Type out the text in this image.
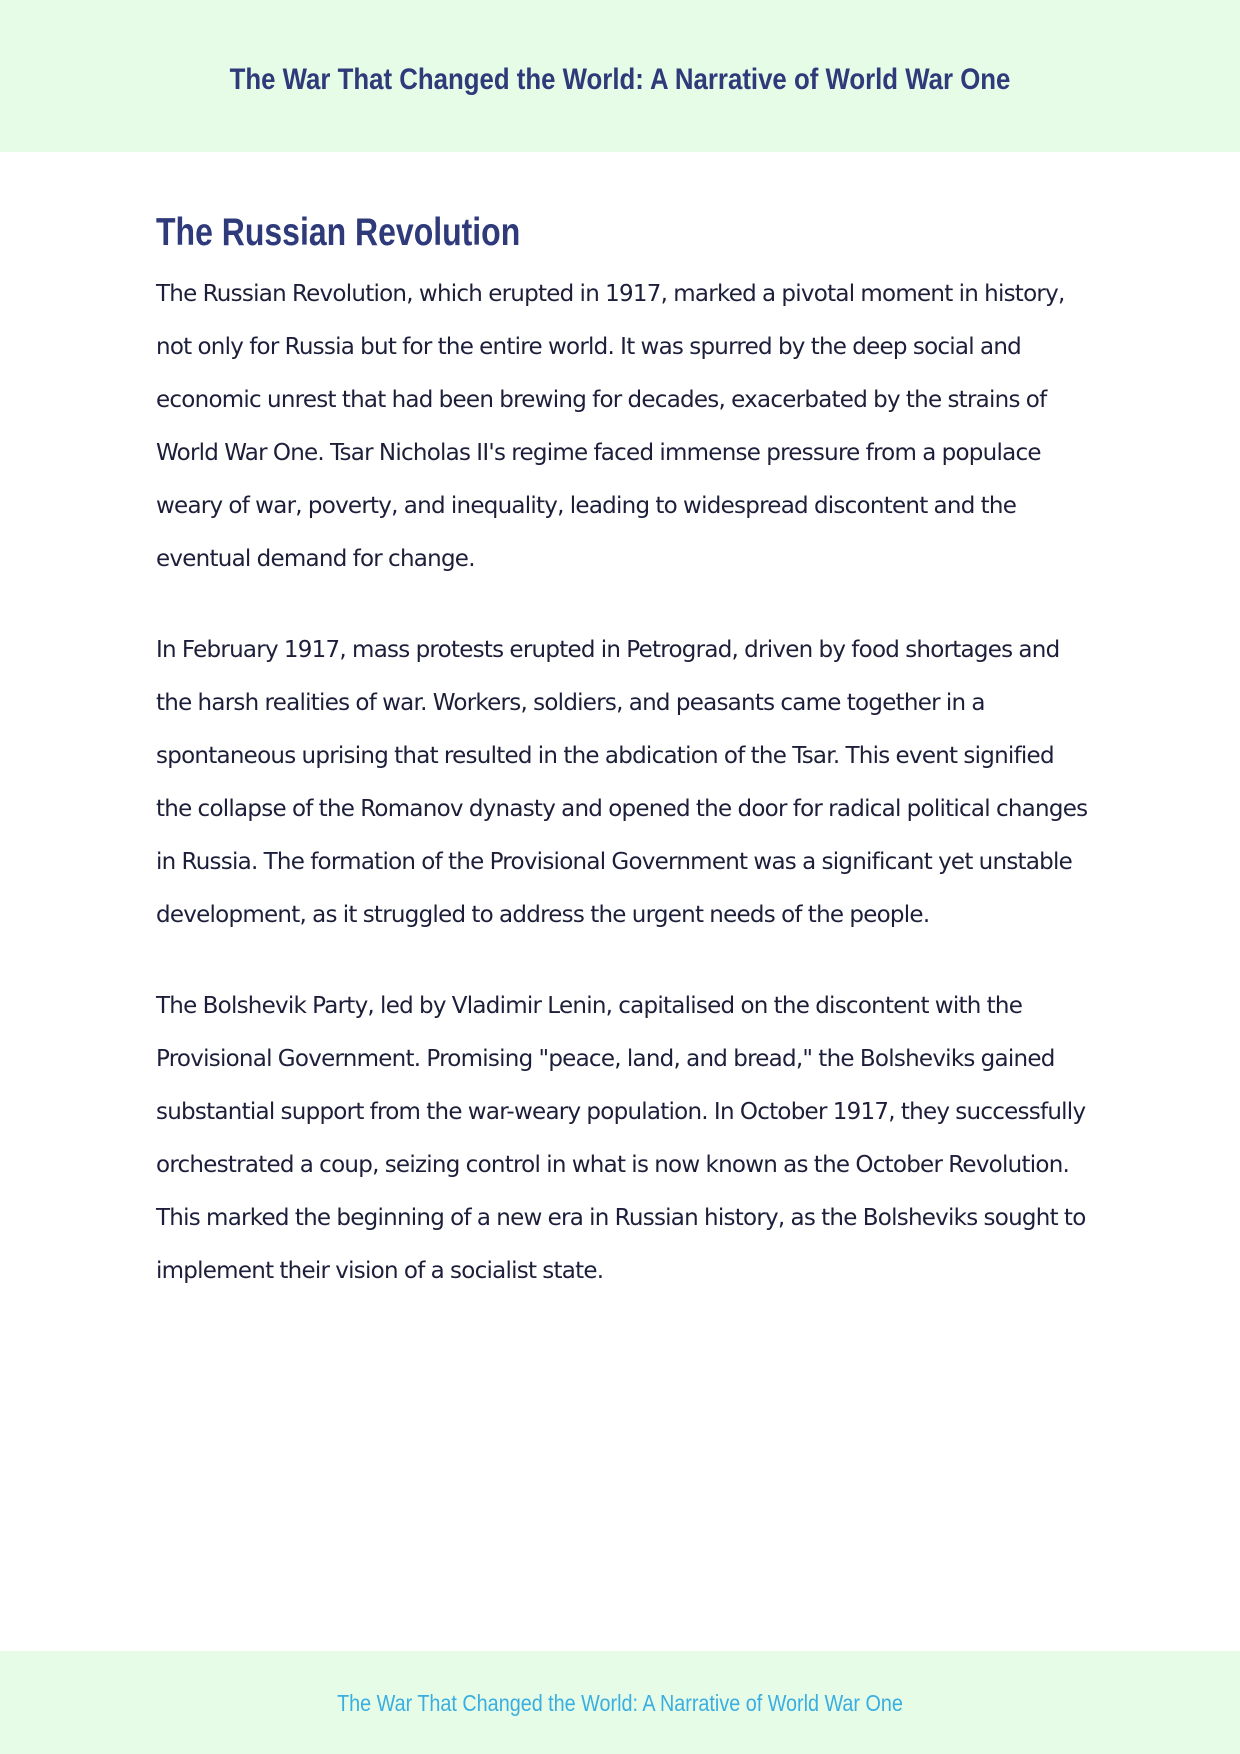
The War That Changed the World: A Narrative of World War One
The Russian Revolution

The Russian Revolution, which erupted in 1917, marked a pivotal moment in history, not only for Russia but for the entire world. It was spurred by the deep social and economic unrest that had been brewing for decades, exacerbated by the strains of World War One. Tsar Nicholas II's regime faced immense pressure from a populace weary of war, poverty, and inequality, leading to widespread discontent and the eventual demand for change.

In February 1917, mass protests erupted in Petrograd, driven by food shortages and the harsh realities of war. Workers, soldiers, and peasants came together in a spontaneous uprising that resulted in the abdication of the Tsar. This event signified the collapse of the Romanov dynasty and opened the door for radical political changes in Russia. The formation of the Provisional Government was a significant yet unstable development, as it struggled to address the urgent needs of the people.

The Bolshevik Party, led by Vladimir Lenin, capitalised on the discontent with the Provisional Government. Promising "peace, land, and bread," the Bolsheviks gained substantial support from the war-weary population. In October 1917, they successfully orchestrated a coup, seizing control in what is now known as the October Revolution. This marked the beginning of a new era in Russian history, as the Bolsheviks sought to implement their vision of a socialist state.

The War That Changed the World: A Narrative of World War One
